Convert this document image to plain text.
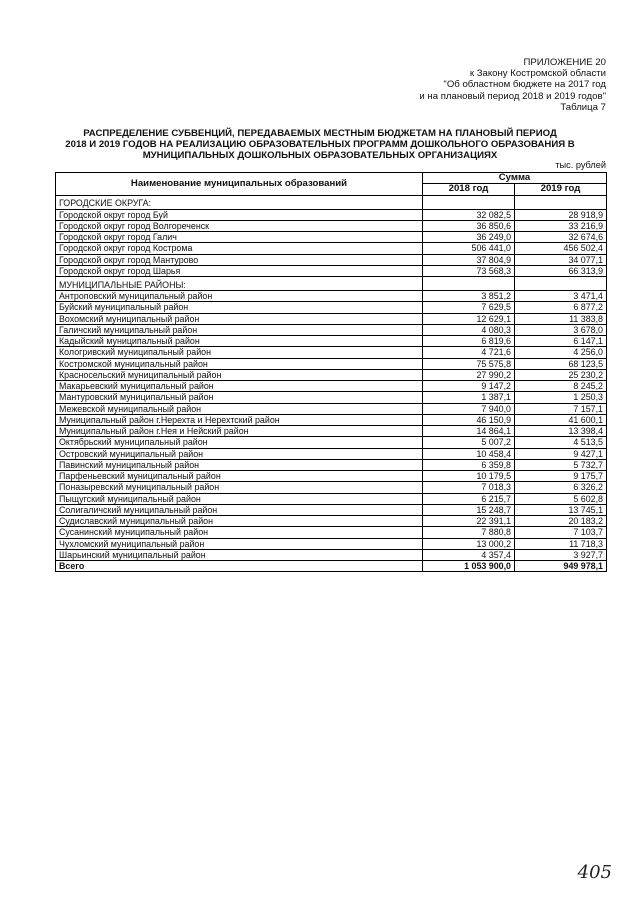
ПРИЛОЖЕНИЕ 20
к Закону Костромской области
"Об областном бюджете на 2017 год
и на плановый период 2018 и 2019 годов"
Таблица 7
РАСПРЕДЕЛЕНИЕ СУБВЕНЦИЙ, ПЕРЕДАВАЕМЫХ МЕСТНЫМ БЮДЖЕТАМ НА ПЛАНОВЫЙ ПЕРИОД
2018 И 2019 ГОДОВ НА РЕАЛИЗАЦИЮ ОБРАЗОВАТЕЛЬНЫХ ПРОГРАММ ДОШКОЛЬНОГО ОБРАЗОВАНИЯ В
МУНИЦИПАЛЬНЫХ ДОШКОЛЬНЫХ ОБРАЗОВАТЕЛЬНЫХ ОРГАНИЗАЦИЯХ
тыс. рублей
Наименование муниципальных образований	Сумма	
	2018 год	2019 год
ГОРОДСКИЕ ОКРУГА:		
Городской округ город Буй	32 082,5	28 918,9
Городской округ город Волгореченск	36 850,6	33 216,9
Городской округ город Галич	36 249,0	32 674,6
Городской округ город Кострома	506 441,0	456 502,4
Городской округ город Мантурово	37 804,9	34 077,1
Городской округ город Шарья	73 568,3	66 313,9
МУНИЦИПАЛЬНЫЕ РАЙОНЫ:		
Антроповский муниципальный район	3 851,2	3 471,4
Буйский муниципальный район	7 629,5	6 877,2
Вохомский муниципальный район	12 629,1	11 383,8
Галичский муниципальный район	4 080,3	3 678,0
Кадыйский муниципальный район	6 819,6	6 147,1
Кологривский муниципальный район	4 721,6	4 256,0
Костромской муниципальный район	75 575,8	68 123,5
Красносельский муниципальный район	27 990,2	25 230,2
Макарьевский муниципальный район	9 147,2	8 245,2
Мантуровский муниципальный район	1 387,1	1 250,3
Межевской муниципальный район	7 940,0	7 157,1
Муниципальный район г.Нерехта и Нерехтский район	46 150,9	41 600,1
Муниципальный район г.Нея и Нейский район	14 864,1	13 398,4
Октябрьский муниципальный район	5 007,2	4 513,5
Островский муниципальный район	10 458,4	9 427,1
Павинский муниципальный район	6 359,8	5 732,7
Парфеньевский муниципальный район	10 179,5	9 175,7
Поназыревский муниципальный район	7 018,3	6 326,2
Пыщугский муниципальный район	6 215,7	5 602,8
Солигаличский муниципальный район	15 248,7	13 745,1
Судиславский муниципальный район	22 391,1	20 183,2
Сусанинский муниципальный район	7 880,8	7 103,7
Чухломский муниципальный район	13 000,2	11 718,3
Шарьинский муниципальный район	4 357,4	3 927,7
Всего	1 053 900,0	949 978,1
405
